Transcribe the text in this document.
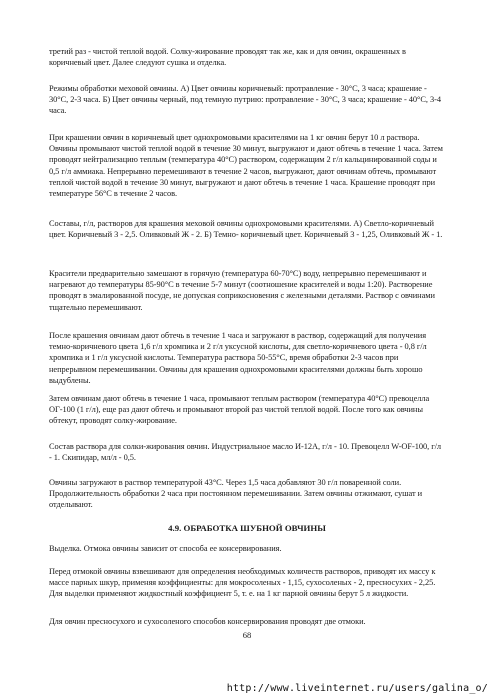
третий раз - чистой теплой водой. Солку-жирование проводят так же, как и для овчин, окрашенных в коричневый цвет. Далее следуют сушка и отделка.

Режимы обработки меховой овчины. А) Цвет овчины коричневый: протравление - 30°С, 3 часа; крашение - 30°С, 2-3 часа. Б) Цвет овчины черный, под темную путрию: протравление - 30°С, 3 часа; крашение - 40°С, 3-4 часа.

При крашении овчин в коричневый цвет однохромовыми красителями на 1 кг овчин берут 10 л раствора. Овчины промывают чистой теплой водой в течение 30 минут, выгружают и дают обтечь в течение 1 часа. Затем проводят нейтрализацию теплым (температура 40°С) раствором, содержащим 2 г/л кальцинированной соды и 0,5 г/л аммиака. Непрерывно перемешивают в течение 2 часов, выгружают, дают овчинам обтечь, промывают теплой чистой водой в течение 30 минут, выгружают и дают обтечь в течение 1 часа. Крашение проводят при температуре 56°С в течение 2 часов.

Составы, г/л, растворов для крашения меховой овчины однохромовыми красителями. А) Светло-коричневый цвет. Коричневый 3 - 2,5. Оливковый Ж - 2. Б) Темно- коричневый цвет. Коричневый 3 - 1,25, Оливковый Ж - 1.

Красители предварительно замешают в горячую (температура 60-70°С) воду, непрерывно перемешивают и нагревают до температуры 85-90°С в течение 5-7 минут (соотношение красителей и воды 1:20). Растворение проводят в эмалированной посуде, не допуская соприкосновения с железными деталями. Раствор с овчинами тщательно перемешивают.

После крашения овчинам дают обтечь в течение 1 часа и загружают в раствор, содержащий для получения темно-коричневого цвета 1,6 г/л хромпика и 2 г/л уксусной кислоты, для светло-коричневого цвета - 0,8 г/л хромпика и 1 г/л уксусной кислоты. Температура раствора 50-55°С, время обработки 2-3 часов при непрерывном перемешивании. Овчины для крашения однохромовыми красителями должны быть хорошо выдублены.

Затем овчинам дают обтечь в течение 1 часа, промывают теплым раствором (температура 40°С) превоцелла ОГ-100 (1 г/л), еще раз дают обтечь и промывают второй раз чистой теплой водой. После того как овчины обтекут, проводят солку-жирование.

Состав раствора для солки-жирования овчин. Индустриальное масло И-12А, г/л - 10. Превоцелл W-OF-100, г/л - 1. Скипидар, мл/л - 0,5.

Овчины загружают в раствор температурой 43°С. Через 1,5 часа добавляют 30 г/л поваренной соли. Продолжительность обработки 2 часа при постоянном перемешивании. Затем овчины отжимают, сушат и отделывают.

4.9. ОБРАБОТКА ШУБНОЙ ОВЧИНЫ

Выделка. Отмока овчины зависит от способа ее консервирования.

Перед отмокой овчины взвешивают для определения необходимых количеств растворов, приводят их массу к массе парных шкур, применяя коэффициенты: для мокросоленых - 1,15, сухосоленых - 2, пресносухих - 2,25. Для выделки применяют жидкостный коэффициент 5, т. е. на 1 кг парной овчины берут 5 л жидкости.

Для овчин пресносухого и сухосоленого способов консервирования проводят две отмоки.

68
http://www.liveinternet.ru/users/galina_o/
